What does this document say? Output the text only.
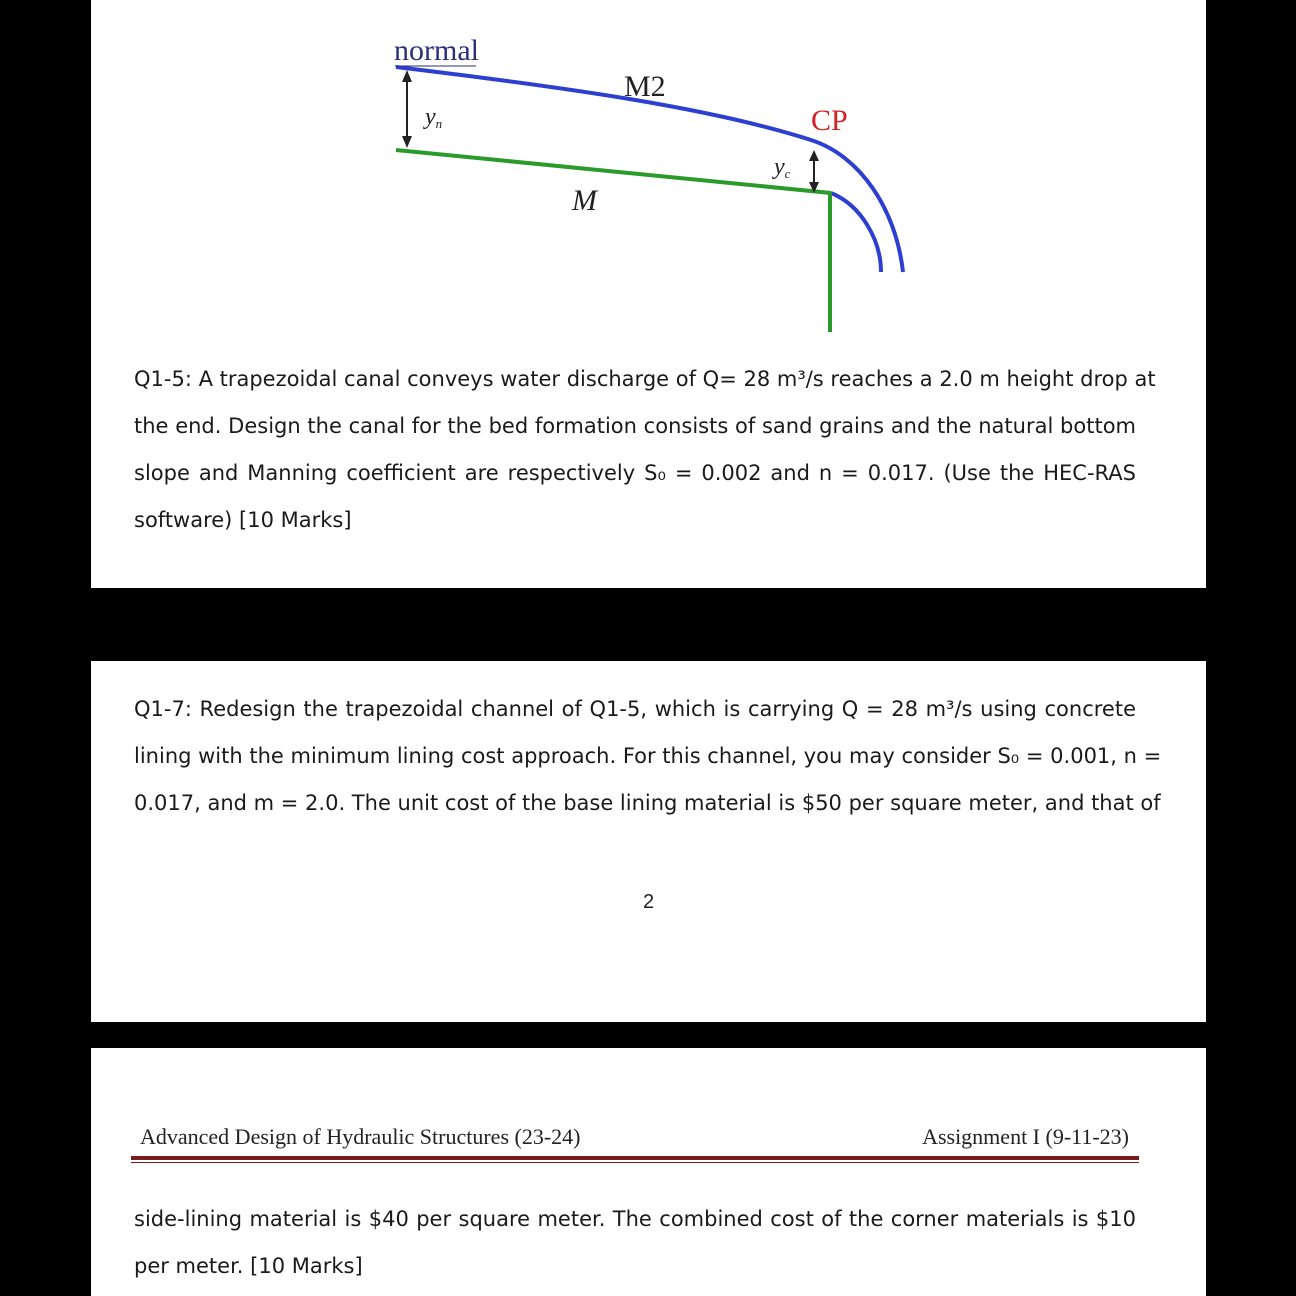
normal
M2
CP
yn
yc
M
Q1-5: A trapezoidal canal conveys water discharge of Q= 28 m³/s reaches a 2.0 m height drop at
the end. Design the canal for the bed formation consists of sand grains and the natural bottom
slope and Manning coefficient are respectively S₀ = 0.002 and n = 0.017. (Use the HEC-RAS
software) [10 Marks]
Q1-7: Redesign the trapezoidal channel of Q1-5, which is carrying Q = 28 m³/s using concrete
lining with the minimum lining cost approach. For this channel, you may consider S₀ = 0.001, n =
0.017, and m = 2.0. The unit cost of the base lining material is $50 per square meter, and that of
2
Advanced Design of Hydraulic Structures (23-24)	Assignment I (9-11-23)
side-lining material is $40 per square meter. The combined cost of the corner materials is $10
per meter. [10 Marks]
